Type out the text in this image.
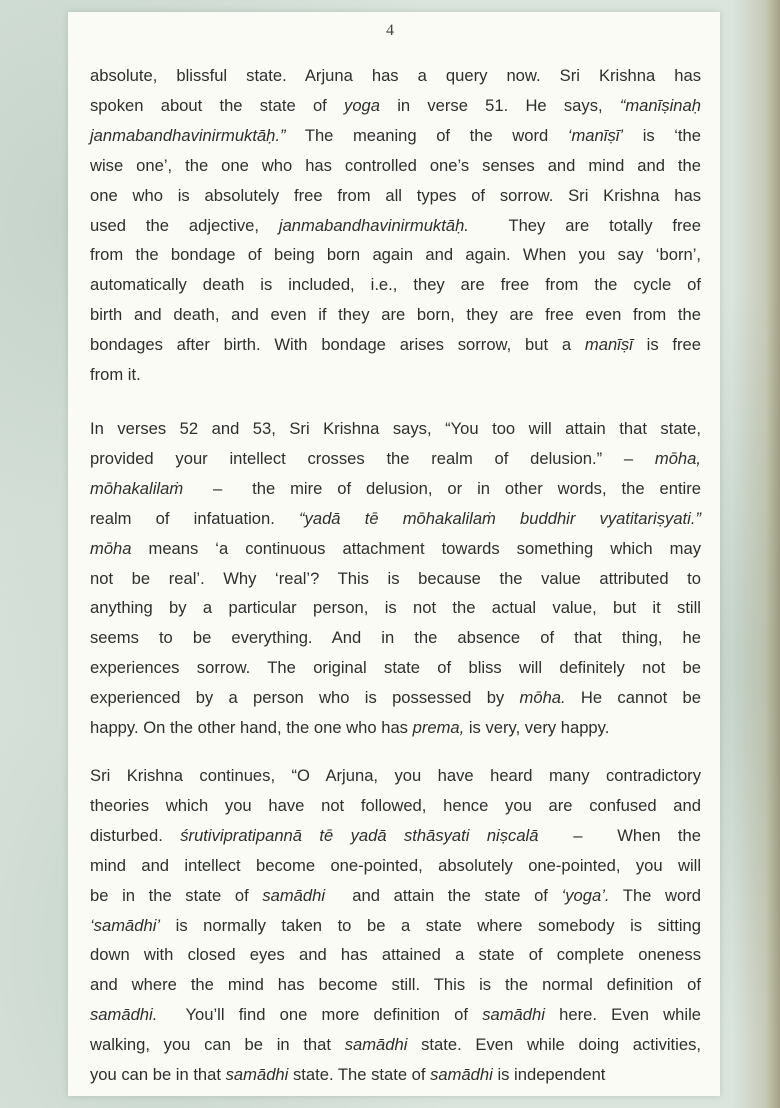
4
absolute, blissful state. Arjuna has a query now. Sri Krishna has
spoken about the state of yoga in verse 51. He says, “manīṣinaḥ
janmabandhavinirmuktāḥ.” The meaning of the word ‘manīṣī’ is ‘the
wise one’, the one who has controlled one’s senses and mind and the
one who is absolutely free from all types of sorrow. Sri Krishna has
used the adjective, janmabandhavinirmuktāḥ.  They are totally free
from the bondage of being born again and again. When you say ‘born’,
automatically death is included, i.e., they are free from the cycle of
birth and death, and even if they are born, they are free even from the
bondages after birth. With bondage arises sorrow, but a manīṣī is free
from it.
In verses 52 and 53, Sri Krishna says, “You too will attain that state,
provided your intellect crosses the realm of delusion.” – mōha,
mōhakalilaṁ  –  the mire of delusion, or in other words, the entire
realm of infatuation. “yadā tē mōhakalilaṁ buddhir vyatitariṣyati.”
mōha means ‘a continuous attachment towards something which may
not be real’. Why ‘real’? This is because the value attributed to
anything by a particular person, is not the actual value, but it still
seems to be everything. And in the absence of that thing, he
experiences sorrow. The original state of bliss will definitely not be
experienced by a person who is possessed by mōha. He cannot be
happy. On the other hand, the one who has prema, is very, very happy.
Sri Krishna continues, “O Arjuna, you have heard many contradictory
theories which you have not followed, hence you are confused and
disturbed. śrutivipratipannā tē yadā sthāsyati niṣcalā  –  When the
mind and intellect become one-pointed, absolutely one-pointed, you will
be in the state of samādhi  and attain the state of ‘yoga’. The word
‘samādhi’ is normally taken to be a state where somebody is sitting
down with closed eyes and has attained a state of complete oneness
and where the mind has become still. This is the normal definition of
samādhi.  You’ll find one more definition of samādhi here. Even while
walking, you can be in that samādhi state. Even while doing activities,
you can be in that samādhi state. The state of samādhi is independent
